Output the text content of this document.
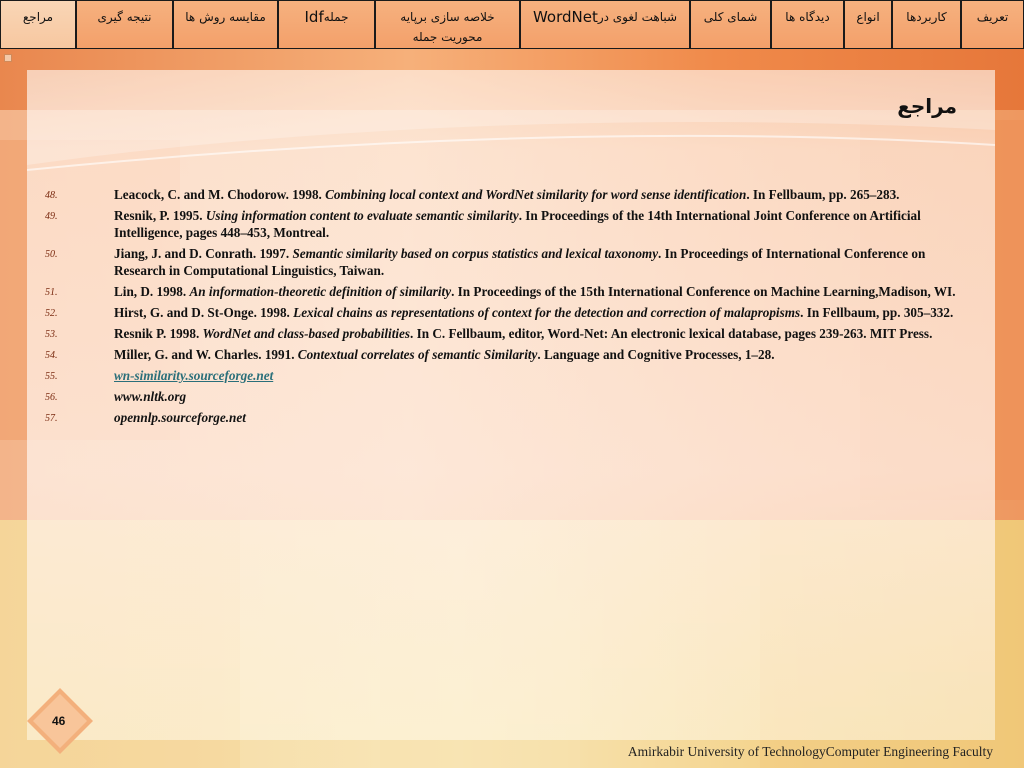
تعریف
کاربردها
انواع
دیدگاه ها
شمای کلی
شباهت لغوی در
WordNet
خلاصه سازی برپایه محوریت جمله
جمله
Idf
مقایسه روش ها
نتیجه گیری
مراجع
مراجع
48.	Leacock, C. and M. Chodorow. 1998. Combining local context and WordNet similarity for word sense identification. In Fellbaum, pp. 265–283.
49.	Resnik, P. 1995. Using information content to evaluate semantic similarity. In Proceedings of the 14th International Joint Conference on Artificial Intelligence, pages 448–453, Montreal.
50.	Jiang, J. and D. Conrath. 1997. Semantic similarity based on corpus statistics and lexical taxonomy. In Proceedings of International Conference on Research in Computational Linguistics, Taiwan.
51.	Lin, D. 1998. An information-theoretic definition of similarity. In Proceedings of the 15th International Conference on Machine Learning,Madison, WI.
52.	Hirst, G. and D. St-Onge. 1998. Lexical chains as representations of context for the detection and correction of malapropisms. In Fellbaum, pp. 305–332.
53.	Resnik P. 1998. WordNet and class-based probabilities. In C. Fellbaum, editor, Word-Net: An electronic lexical database, pages 239-263. MIT Press.
54.	Miller, G. and W. Charles. 1991. Contextual correlates of semantic Similarity. Language and Cognitive Processes, 1–28.
55.	wn-similarity.sourceforge.net
56.	www.nltk.org
57.	opennlp.sourceforge.net
46
Amirkabir University of TechnologyComputer Engineering Faculty
